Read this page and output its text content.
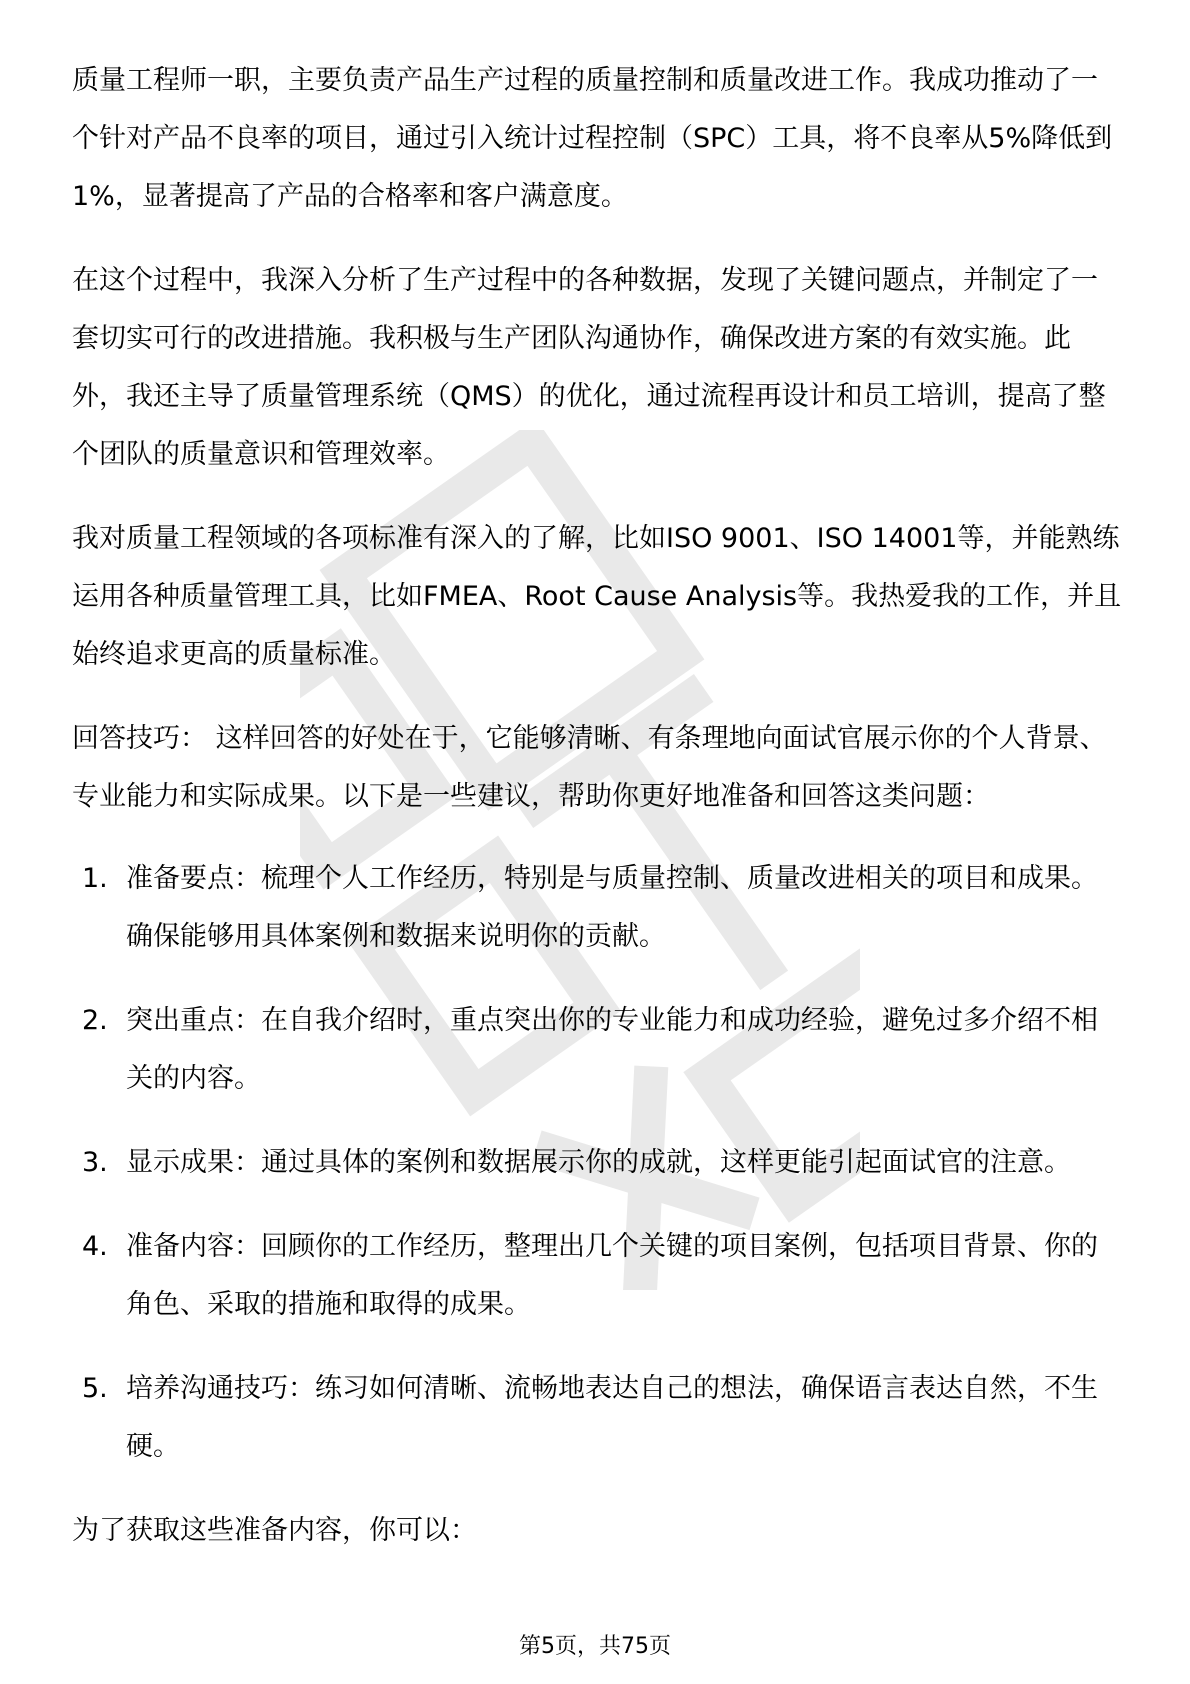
质量工程师一职，主要负责产品生产过程的质量控制和质量改进工作。我成功推动了一个针对产品不良率的项目，通过引入统计过程控制（SPC）工具，将不良率从5%降低到1%，显著提高了产品的合格率和客户满意度。

在这个过程中，我深入分析了生产过程中的各种数据，发现了关键问题点，并制定了一套切实可行的改进措施。我积极与生产团队沟通协作，确保改进方案的有效实施。此外，我还主导了质量管理系统（QMS）的优化，通过流程再设计和员工培训，提高了整个团队的质量意识和管理效率。

我对质量工程领域的各项标准有深入的了解，比如ISO 9001、ISO 14001等，并能熟练运用各种质量管理工具，比如FMEA、Root Cause Analysis等。我热爱我的工作，并且始终追求更高的质量标准。

回答技巧： 这样回答的好处在于，它能够清晰、有条理地向面试官展示你的个人背景、专业能力和实际成果。以下是一些建议，帮助你更好地准备和回答这类问题：

1. 准备要点：梳理个人工作经历，特别是与质量控制、质量改进相关的项目和成果。确保能够用具体案例和数据来说明你的贡献。
2. 突出重点：在自我介绍时，重点突出你的专业能力和成功经验，避免过多介绍不相关的内容。
3. 显示成果：通过具体的案例和数据展示你的成就，这样更能引起面试官的注意。
4. 准备内容：回顾你的工作经历，整理出几个关键的项目案例，包括项目背景、你的角色、采取的措施和取得的成果。
5. 培养沟通技巧：练习如何清晰、流畅地表达自己的想法，确保语言表达自然，不生硬。

为了获取这些准备内容，你可以：

第5页，共75页
